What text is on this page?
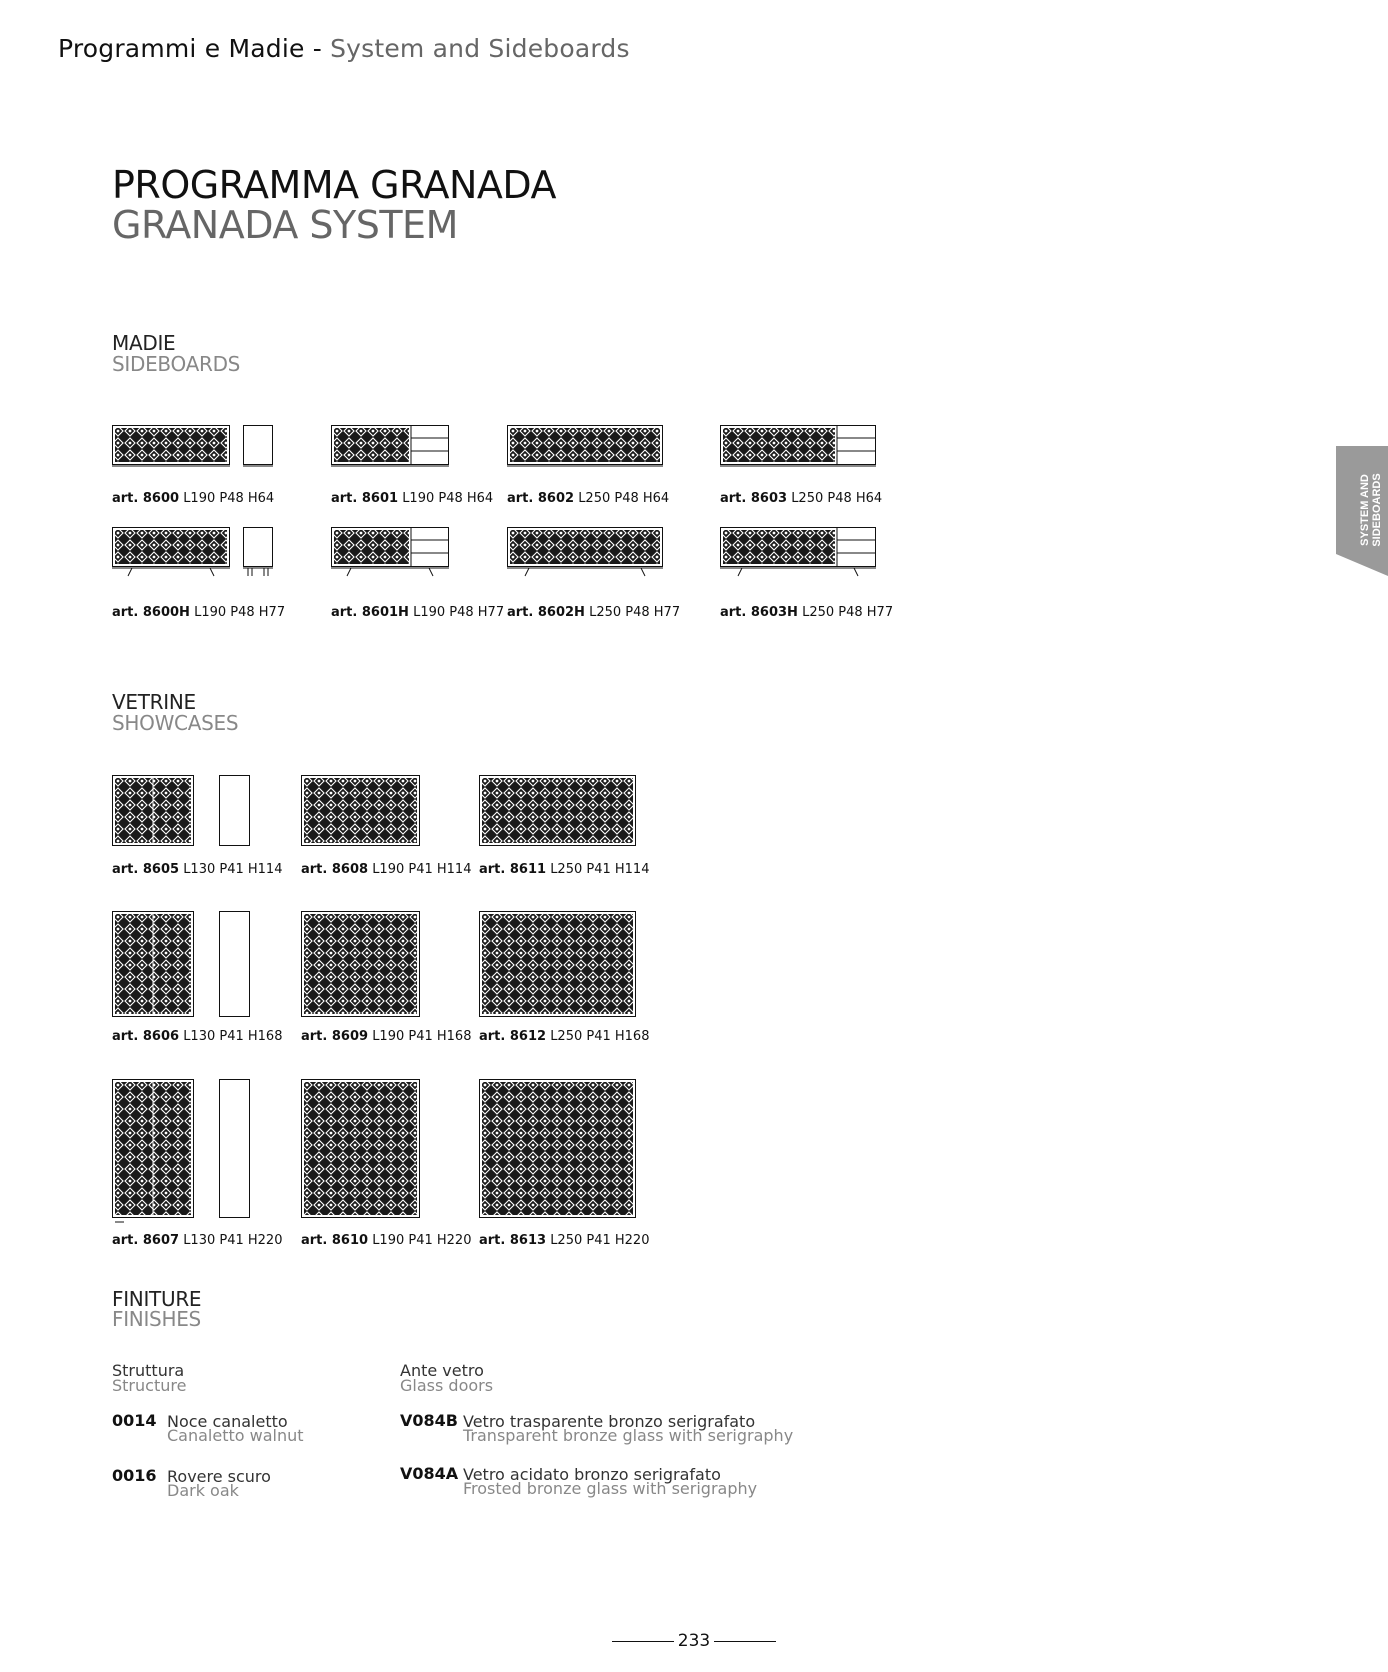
Programmi e Madie - System and Sideboards
PROGRAMMA GRANADA
GRANADA SYSTEM
SYSTEM AND SIDEBOARDS
MADIE
SIDEBOARDS
art. 8600 L190 P48 H64	art. 8601 L190 P48 H64 art. 8602 L250 P48 H64	art. 8603 L250 P48 H64
art. 8600H L190 P48 H77	art. 8601H L190 P48 H77 art. 8602H L250 P48 H77	art. 8603H L250 P48 H77
VETRINE
SHOWCASES
art. 8605 L130 P41 H114 art. 8608 L190 P41 H114 art. 8611 L250 P41 H114
art. 8606 L130 P41 H168 art. 8609 L190 P41 H168 art. 8612 L250 P41 H168
art. 8607 L130 P41 H220 art. 8610 L190 P41 H220 art. 8613 L250 P41 H220
FINITURE
FINISHES
Struttura
Structure
0014 Noce canaletto
Canaletto walnut
0016 Rovere scuro
Dark oak
Ante vetro
Glass doors
V084B Vetro trasparente bronzo serigrafato
Transparent bronze glass with serigraphy
V084A Vetro acidato bronzo serigrafato
Frosted bronze glass with serigraphy
233
